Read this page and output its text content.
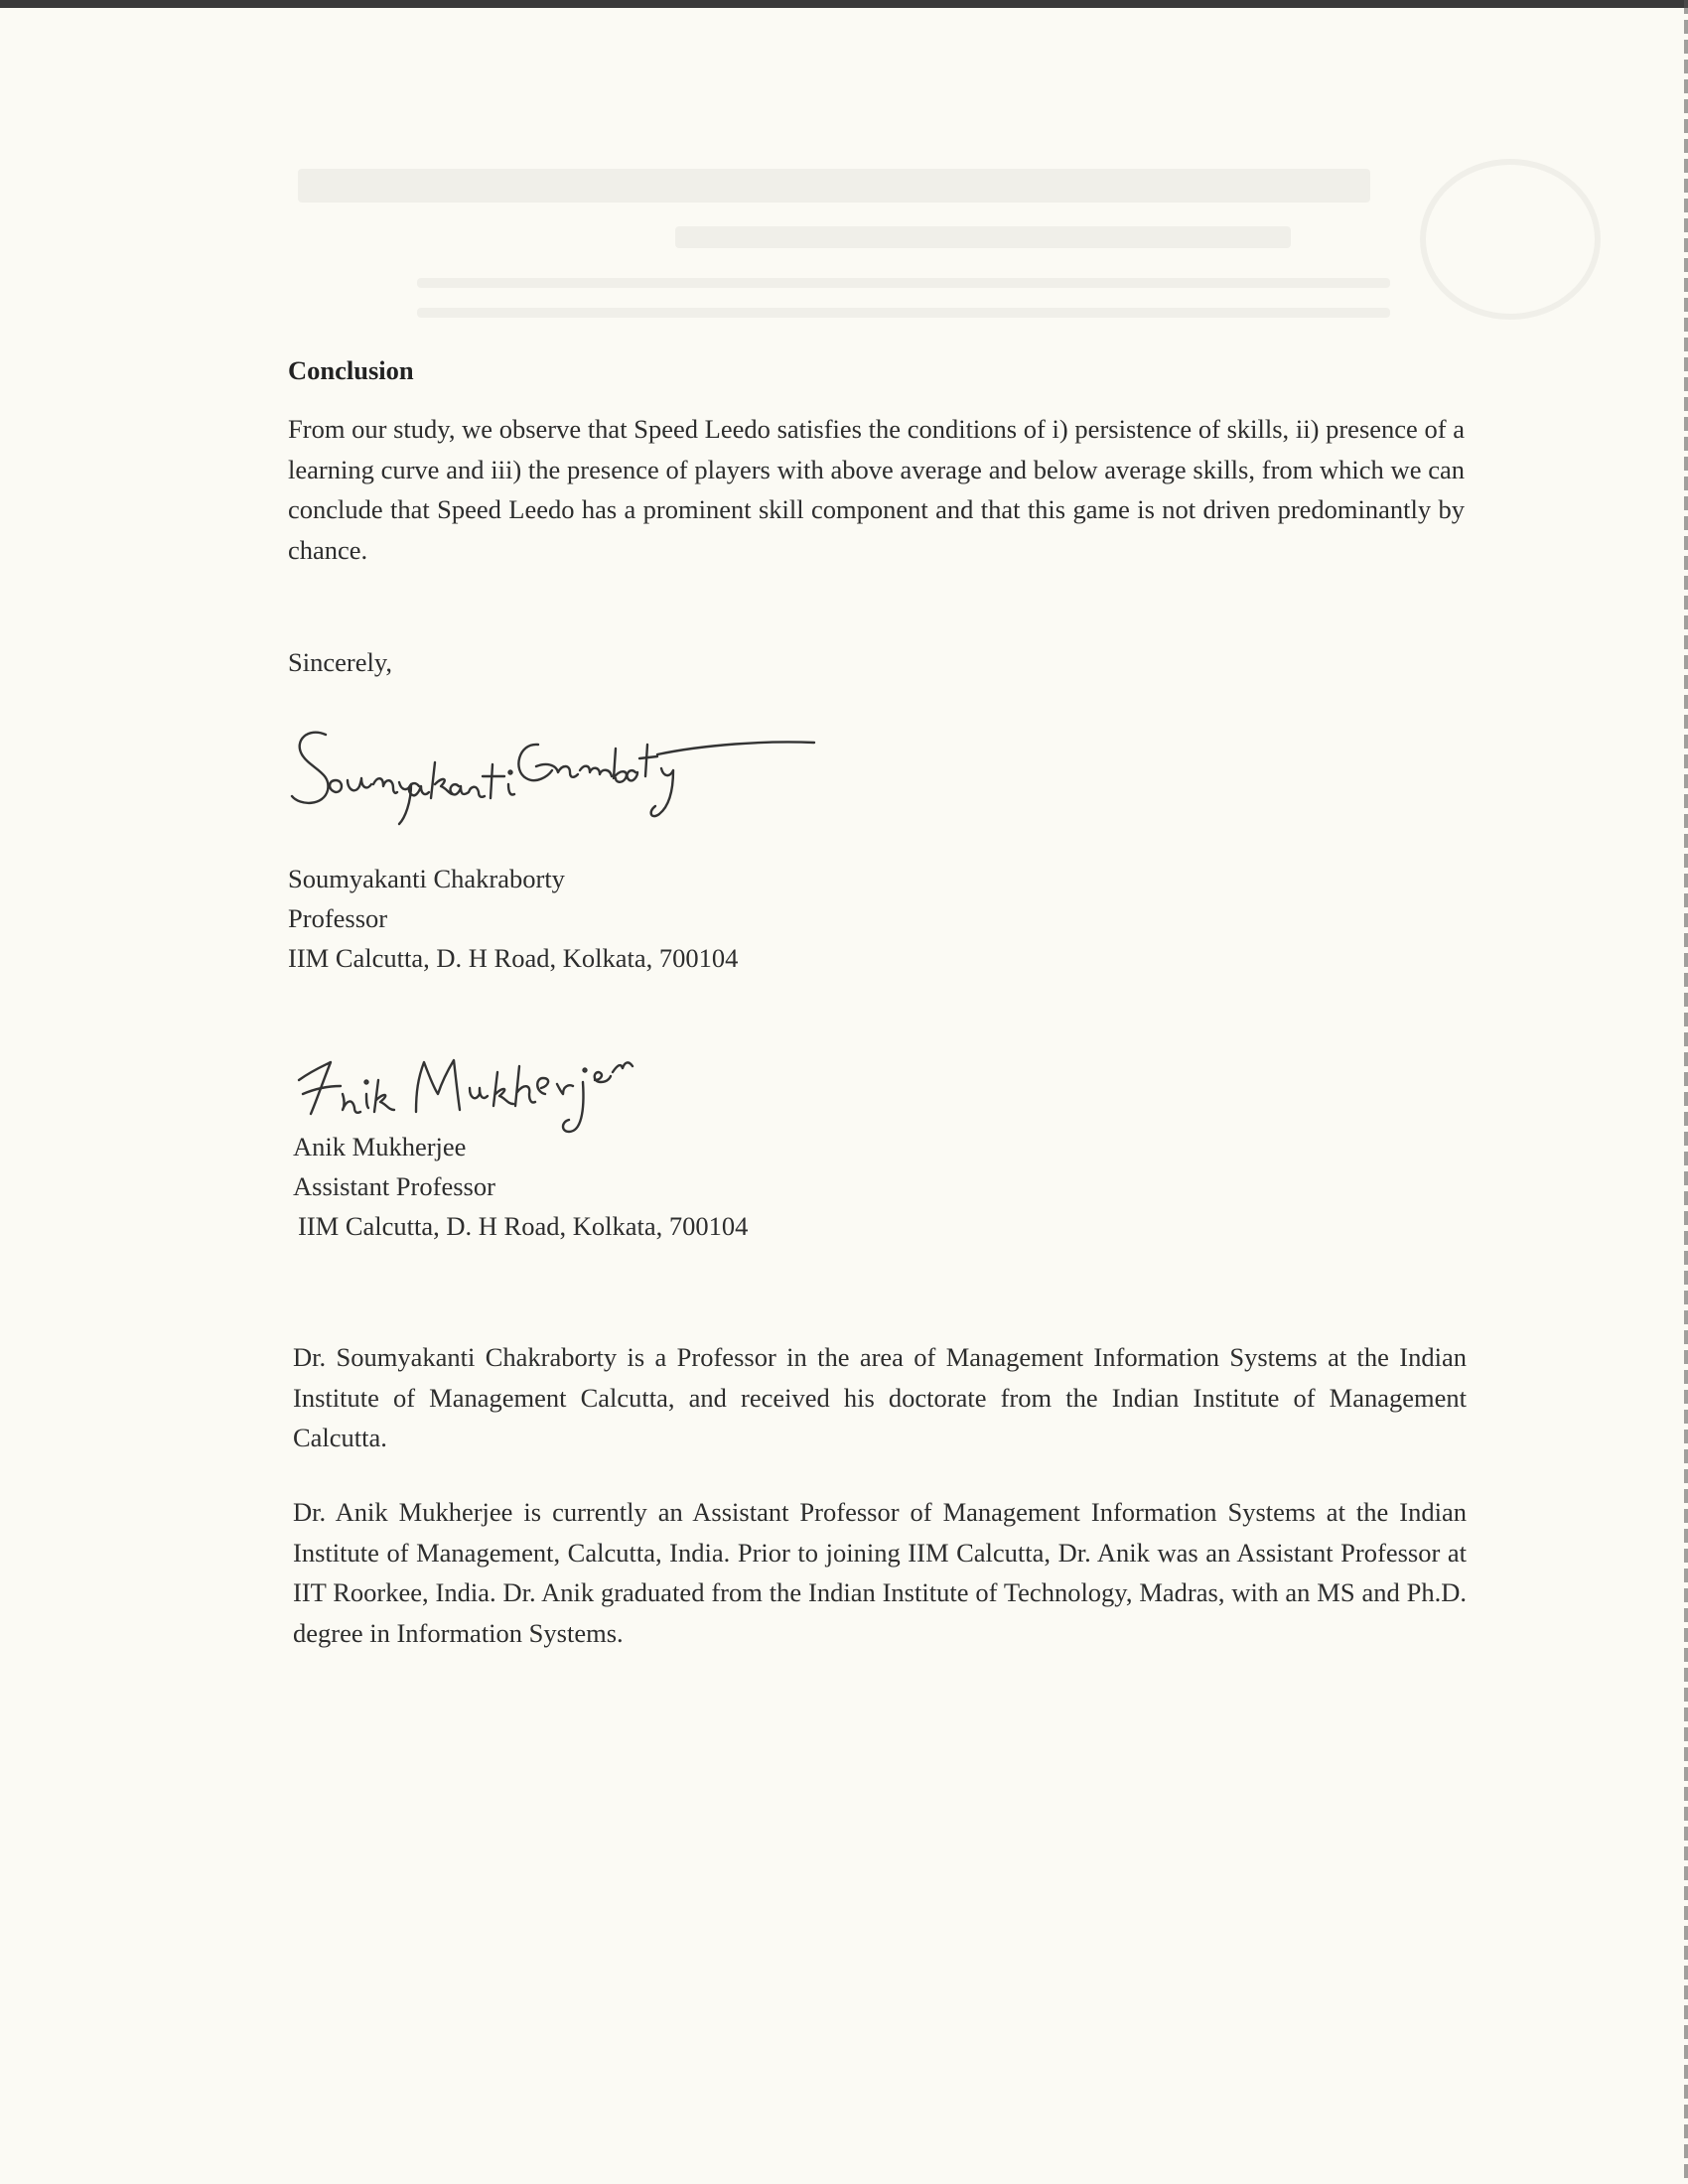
Conclusion
From our study, we observe that Speed Leedo satisfies the conditions of i) persistence of skills, ii) presence of a learning curve and iii) the presence of players with above average and below average skills, from which we can conclude that Speed Leedo has a prominent skill component and that this game is not driven predominantly by chance.
Sincerely,
Soumyakanti Chakraborty
Professor
IIM Calcutta, D. H Road, Kolkata, 700104
Anik Mukherjee
Assistant Professor
IIM Calcutta, D. H Road, Kolkata, 700104
Dr. Soumyakanti Chakraborty is a Professor in the area of Management Information Systems at the Indian Institute of Management Calcutta, and received his doctorate from the Indian Institute of Management Calcutta.
Dr. Anik Mukherjee is currently an Assistant Professor of Management Information Systems at the Indian Institute of Management, Calcutta, India. Prior to joining IIM Calcutta, Dr. Anik was an Assistant Professor at IIT Roorkee, India. Dr. Anik graduated from the Indian Institute of Technology, Madras, with an MS and Ph.D. degree in Information Systems.
